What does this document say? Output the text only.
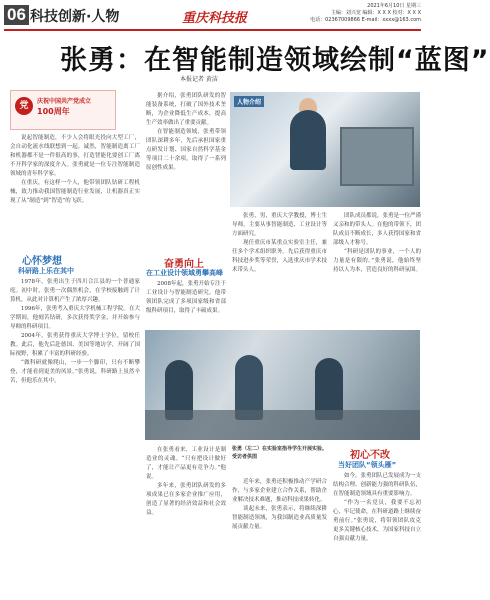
06 科技创新·人物	重庆科技报
2021年6月10日 星期三
主编：刘兴宽 编辑：X X X 校对：X X X
电话：02367009866 E-mail：xxxx@163.com
张勇：在智能制造领域绘制“蓝图”
本报记者 黄洁
党	庆祝中国共产党成立
100周年

说起智能制造，不少人会将眼光投向大型工厂，会自动化流水线联想到一起。诚然，智能制造离工厂和机器都不是一件很高的事，打造智能化要创工厂离不开科学家的深度介入。张勇就是一位专注智能制造领域的青年科学家。

在重庆，有这样一个人，他带领团队钻研工程机械，致力推动我国智能制造行业发展，让机器真正实现了从“制造”到“智造”的飞跃。

心怀梦想
科研路上乐在其中

1978年，张勇出生于四川合江县的一个普通家庭。初中时，张勇一次偶然机会，在学校接触到了计算机，从此对计算机产生了浓厚兴趣。

1996年，张勇考入重庆大学机械工程学院。在大学期间，他刻苦钻研，多次获得奖学金，并开始参与导师的科研项目。

2004年，张勇获得重庆大学博士学位，留校任教。此后，他先后赴德国、美国等地访学，开阔了国际视野，积累了丰富的科研经验。

“做科研就像爬山，一步一个脚印，只有不断攀登，才能看到更美的风景。”张勇说，科研路上虽然辛苦，但他乐在其中。

据介绍，张勇团队研发的智能装备系统，打破了国外技术垄断，为企业降低生产成本，提高生产效率做出了重要贡献。

在智能制造领域，张勇带领团队深耕多年，先后承担国家重点研发计划、国家自然科学基金等项目二十余项，取得了一系列原创性成果。

奋勇向上
在工业设计领域勇攀高峰

2008年起，张勇开始专注于工业设计与智能制造研究。他带领团队完成了多项国家级和省部级科研项目，取得了丰硕成果。

人物介绍

张勇，男，重庆大学教授，博士生导师，主要从事智能制造、工业设计等方面研究。

现任重庆市某重点实验室主任，兼任多个学术组织职务。先后获得重庆市科技进步奖等荣誉，入选重庆市学术技术带头人。

团队成员都说，张勇是一位严谨又亲和的带头人。在他的带领下，团队成员不断成长，多人获得国家和省部级人才称号。

“科研是团队的事业，一个人的力量是有限的。”张勇说，他始终坚持以人为本，营造良好的科研氛围。

在张勇看来，工业设计是制造业的灵魂。“只有把设计做好了，才能让产品更有竞争力。”他说。

多年来，张勇团队研发的多项成果已在多家企业推广应用，创造了显著的经济效益和社会效益。

张勇（左二）在实验室指导学生开展实验。受访者供图

近年来，张勇还积极推动产学研合作，与多家企业建立合作关系，帮助企业解决技术难题，推动科技成果转化。

谈起未来，张勇表示，将继续深耕智能制造领域，为我国制造业高质量发展贡献力量。

初心不改
当好团队“领头雁”

如今，张勇团队已发展成为一支结构合理、创新能力强的科研队伍，在智能制造领域具有重要影响力。

“作为一名党员，我要不忘初心，牢记使命，在科研道路上继续奋勇前行。”张勇说，将带领团队攻克更多关键核心技术，为国家科技自立自强贡献力量。
